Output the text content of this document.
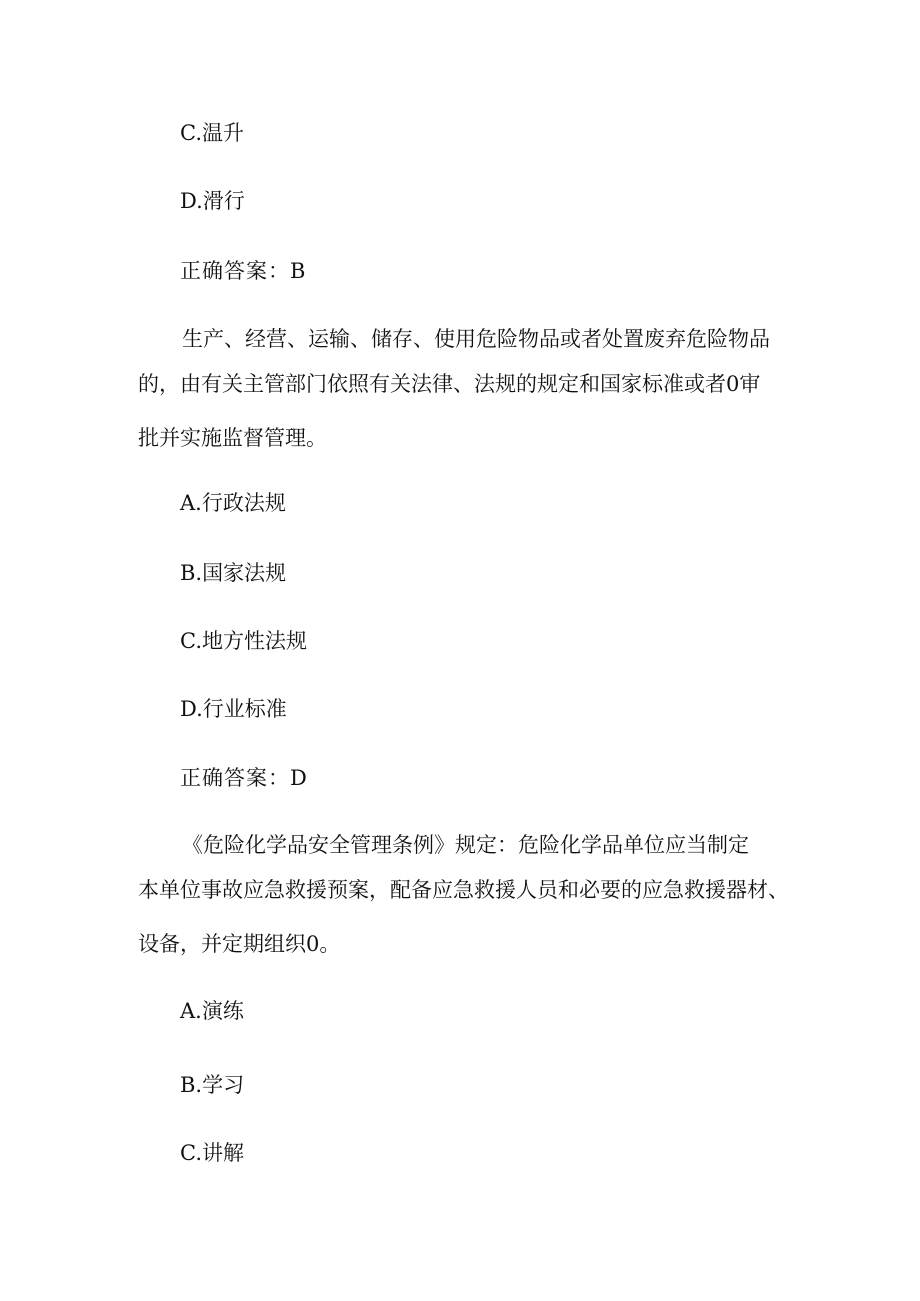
C.温升
D.滑行
正确答案：B
生产、经营、运输、储存、使用危险物品或者处置废弃危险物品
的，由有关主管部门依照有关法律、法规的规定和国家标准或者0审
批并实施监督管理。
A.行政法规
B.国家法规
C.地方性法规
D.行业标准
正确答案：D
《危险化学品安全管理条例》规定：危险化学品单位应当制定
本单位事故应急救援预案，配备应急救援人员和必要的应急救援器材、
设备，并定期组织0。
A.演练
B.学习
C.讲解
